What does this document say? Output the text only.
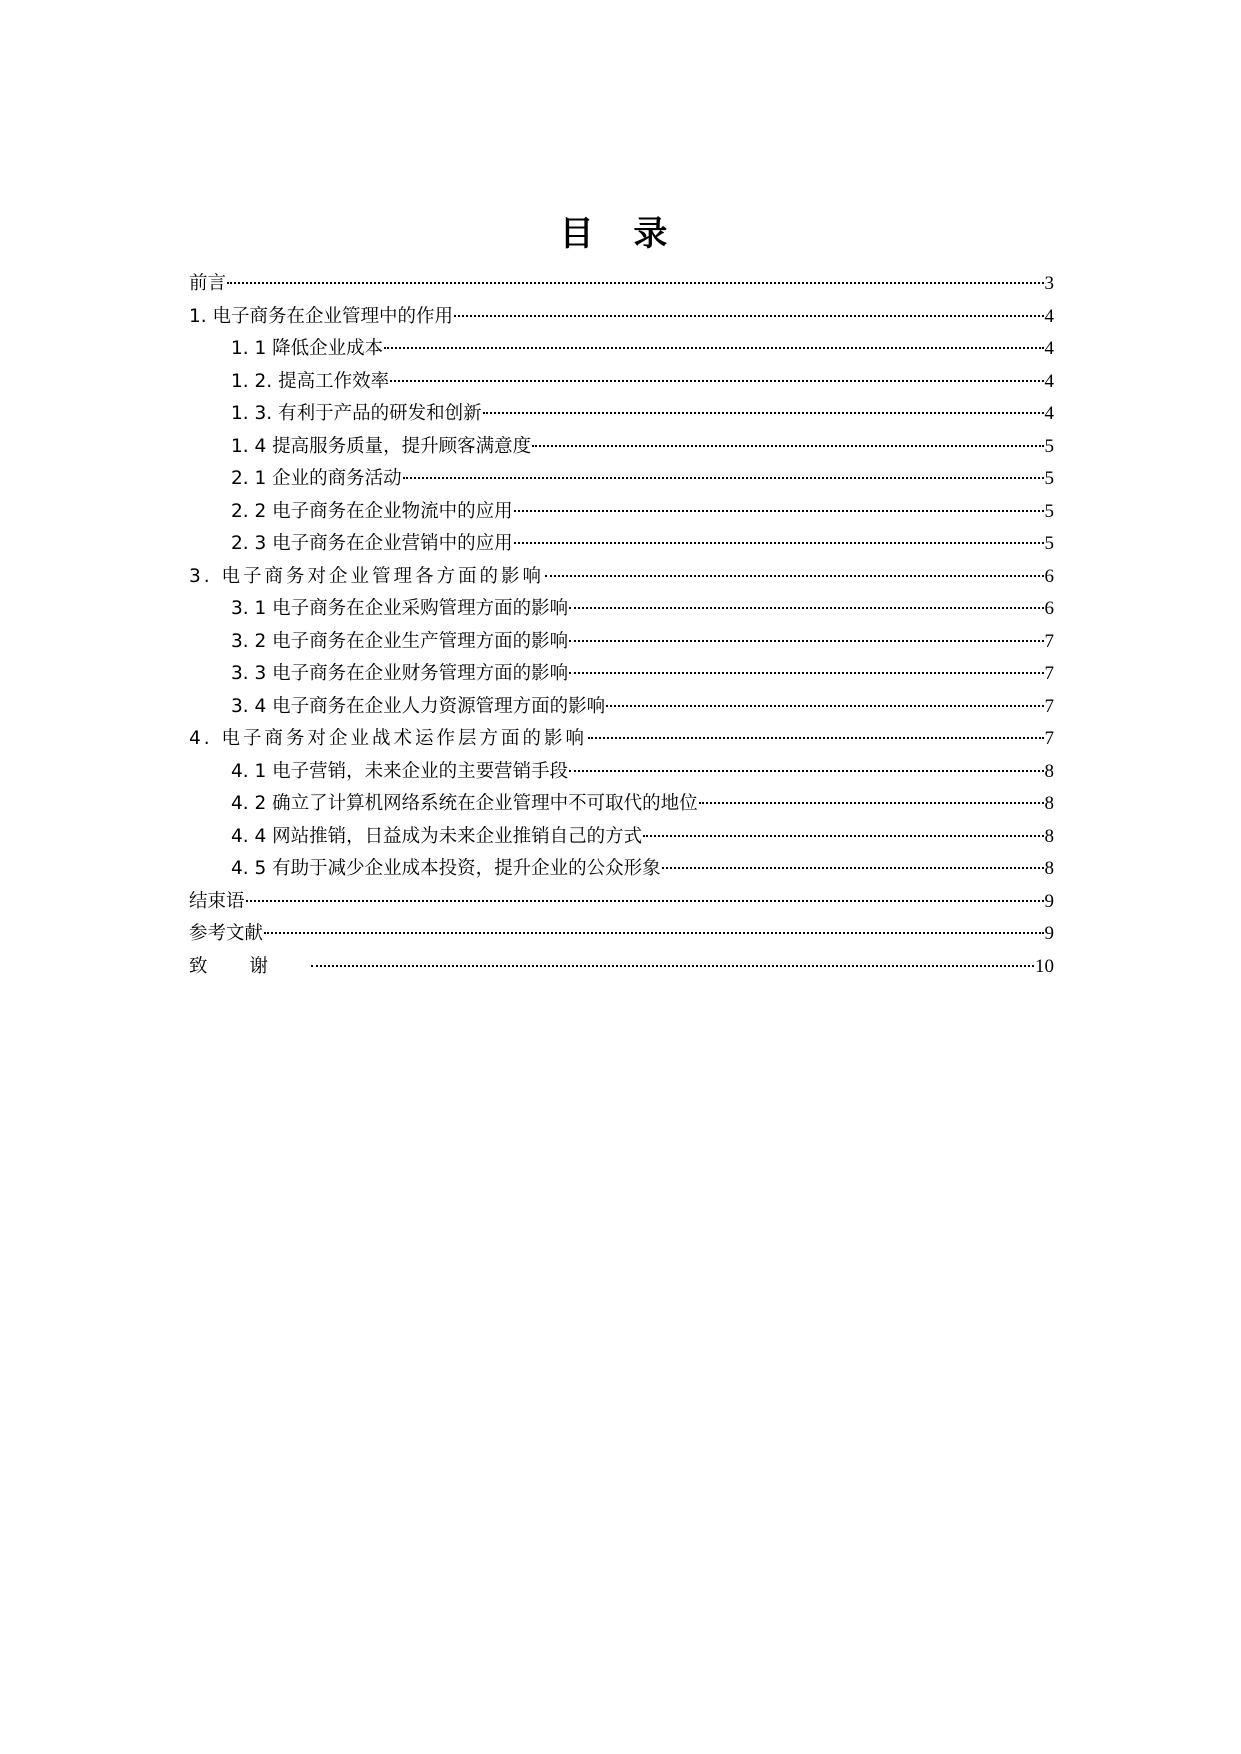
目 录
前言	3
1. 电子商务在企业管理中的作用	4
1. 1 降低企业成本	4
1. 2. 提高工作效率	4
1. 3. 有利于产品的研发和创新	4
1. 4 提高服务质量，提升顾客满意度	5
2. 1 企业的商务活动	5
2. 2 电子商务在企业物流中的应用	5
2. 3 电子商务在企业营销中的应用	5
3. 电子商务对企业管理各方面的影响	6
3. 1 电子商务在企业采购管理方面的影响	6
3. 2 电子商务在企业生产管理方面的影响	7
3. 3 电子商务在企业财务管理方面的影响	7
3. 4 电子商务在企业人力资源管理方面的影响	7
4. 电子商务对企业战术运作层方面的影响	7
4. 1 电子营销，未来企业的主要营销手段	8
4. 2 确立了计算机网络系统在企业管理中不可取代的地位	8
4. 4 网站推销，日益成为未来企业推销自己的方式	8
4. 5 有助于减少企业成本投资，提升企业的公众形象	8
结束语	9
参考文献	9
致谢	10
